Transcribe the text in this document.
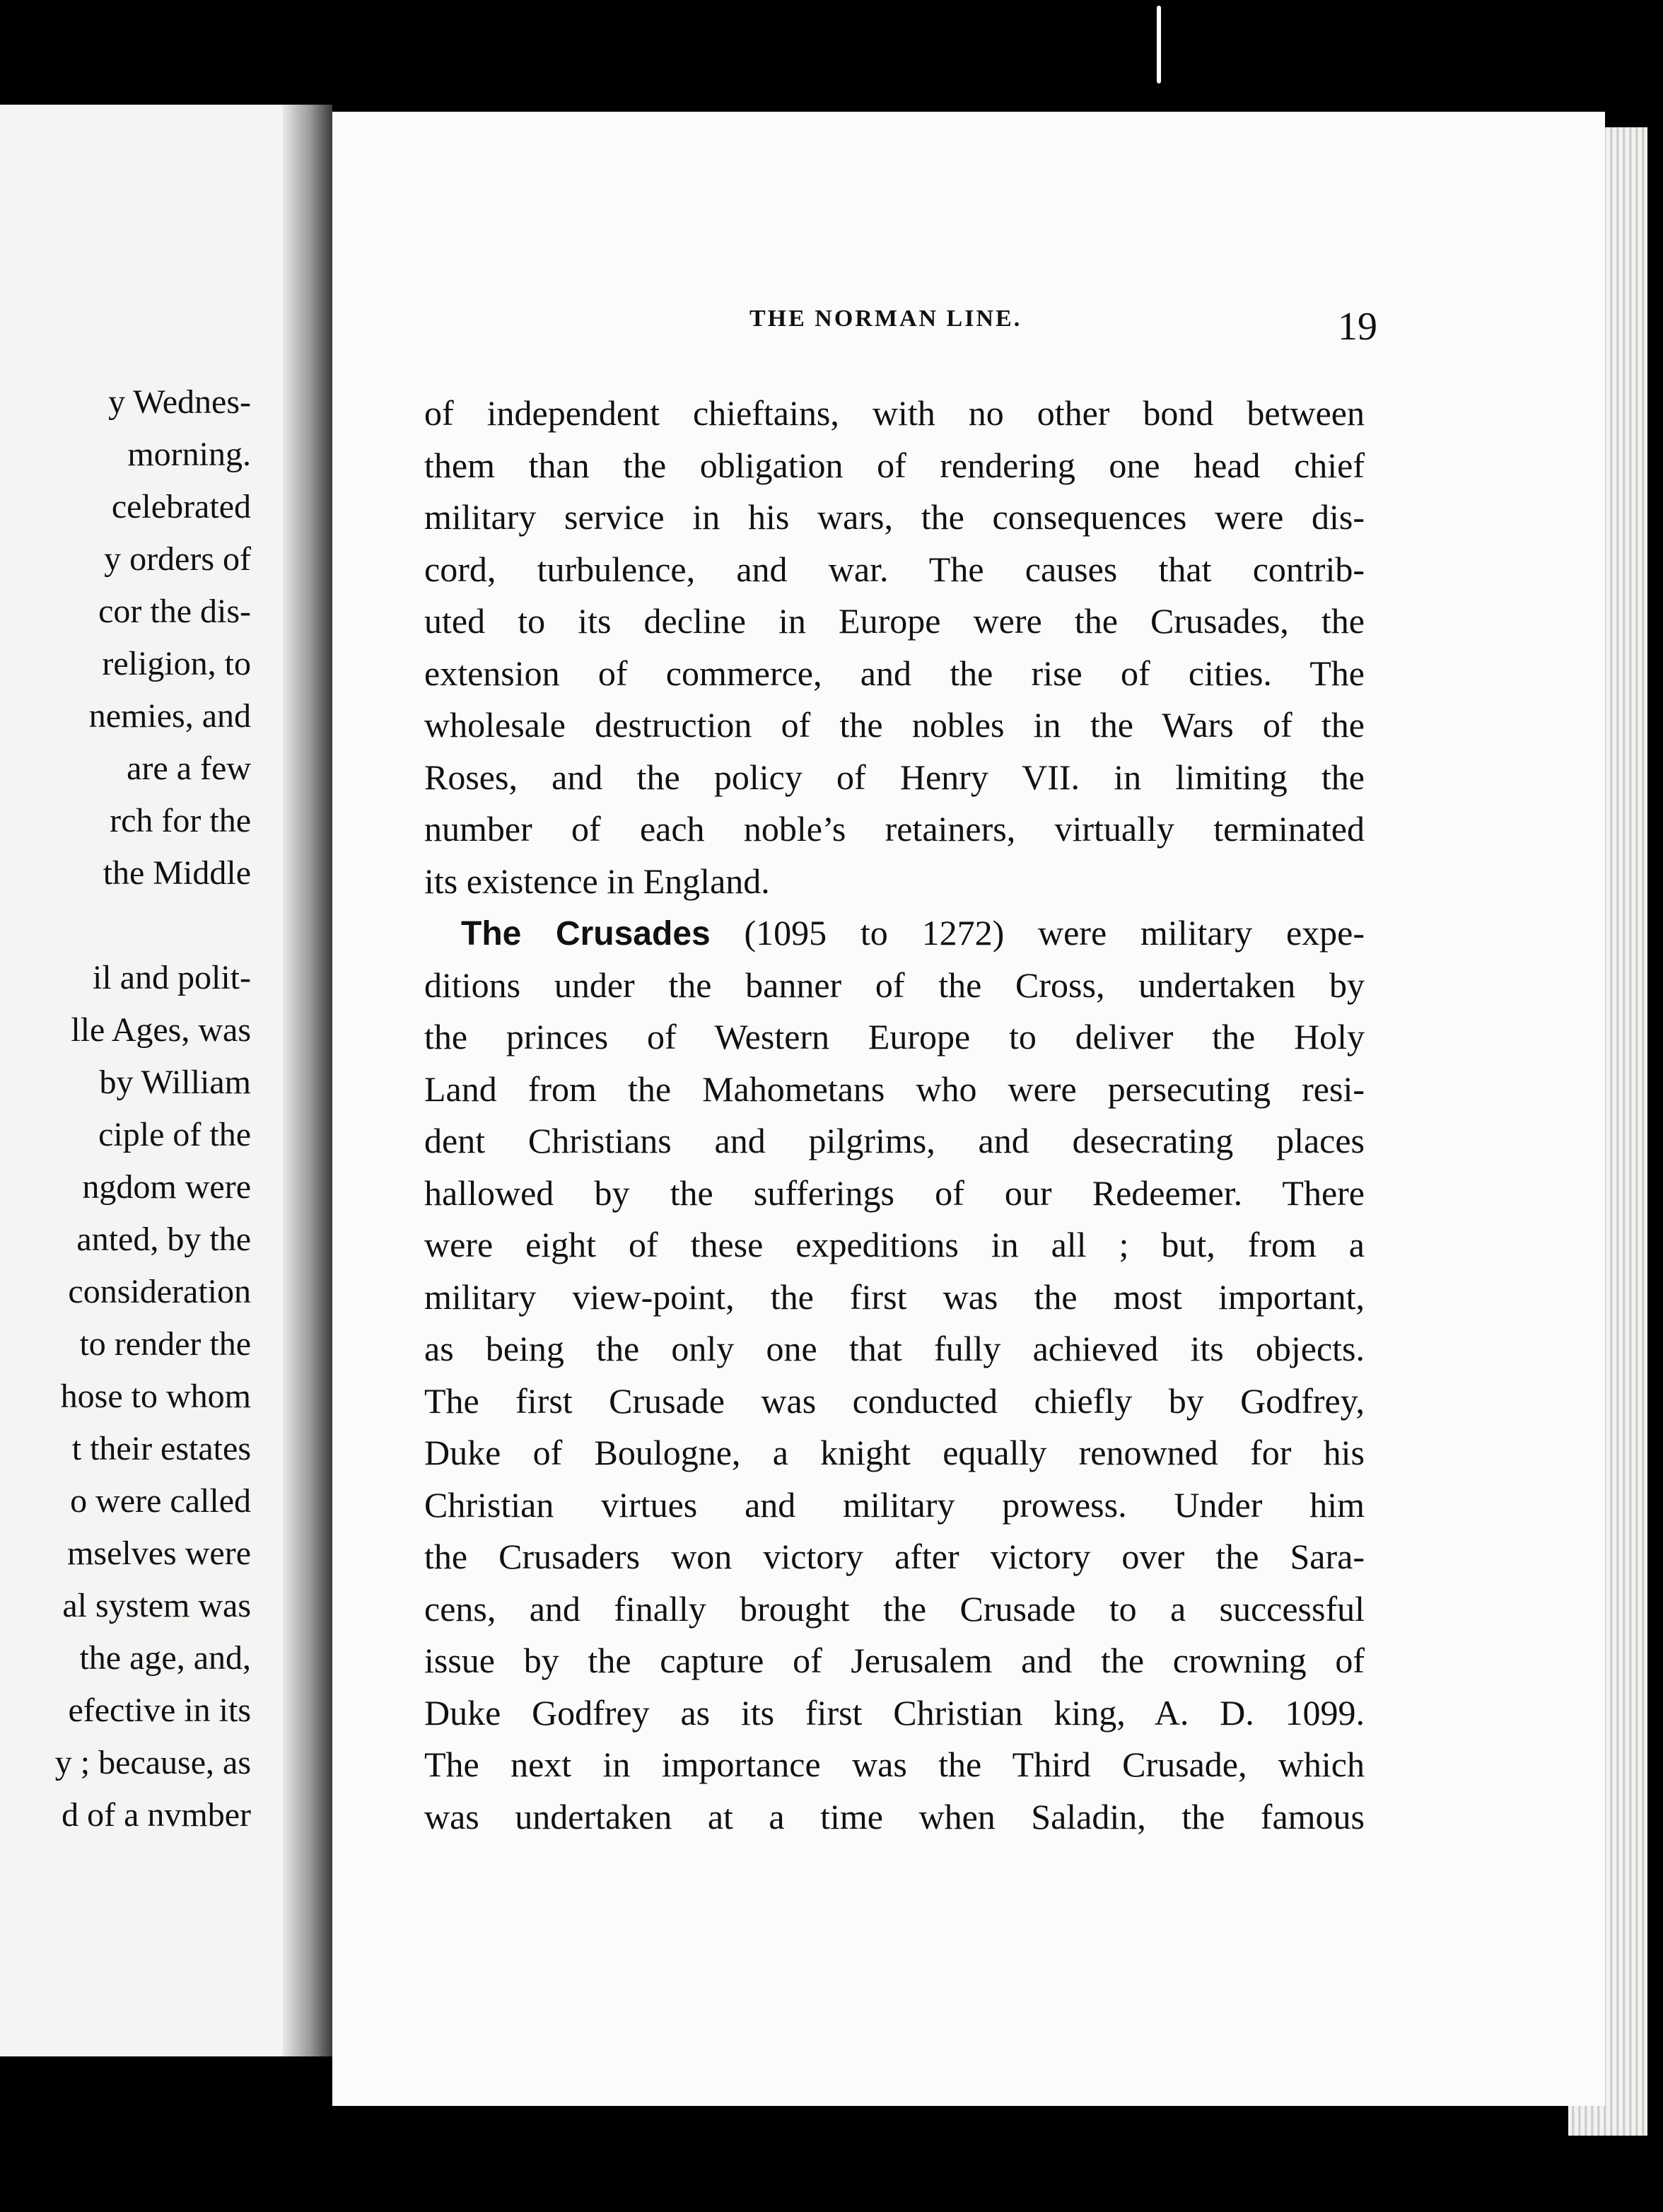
y Wednes-
morning.
celebrated
y orders of
cor the dis-
religion, to
nemies, and
are a few
rch for the
the Middle
il and polit-
lle Ages, was
by William
ciple of the
ngdom were
anted, by the
consideration
to render the
hose to whom
t their estates
o were called
mselves were
al system was
the age, and,
efective in its
y ; because, as
d of a nvmber
THE NORMAN LINE.	19
of independent chieftains, with no other bond between
them than the obligation of rendering one head chief
military service in his wars, the consequences were dis-
cord, turbulence, and war. The causes that contrib-
uted to its decline in Europe were the Crusades, the
extension of commerce, and the rise of cities. The
wholesale destruction of the nobles in the Wars of the
Roses, and the policy of Henry VII. in limiting the
number of each noble’s retainers, virtually terminated
its existence in England.
The Crusades (1095 to 1272) were military expe-
ditions under the banner of the Cross, undertaken by
the princes of Western Europe to deliver the Holy
Land from the Mahometans who were persecuting resi-
dent Christians and pilgrims, and desecrating places
hallowed by the sufferings of our Redeemer. There
were eight of these expeditions in all ; but, from a
military view-point, the first was the most important,
as being the only one that fully achieved its objects.
The first Crusade was conducted chiefly by Godfrey,
Duke of Boulogne, a knight equally renowned for his
Christian virtues and military prowess. Under him
the Crusaders won victory after victory over the Sara-
cens, and finally brought the Crusade to a successful
issue by the capture of Jerusalem and the crowning of
Duke Godfrey as its first Christian king, A. D. 1099.
The next in importance was the Third Crusade, which
was undertaken at a time when Saladin, the famous
